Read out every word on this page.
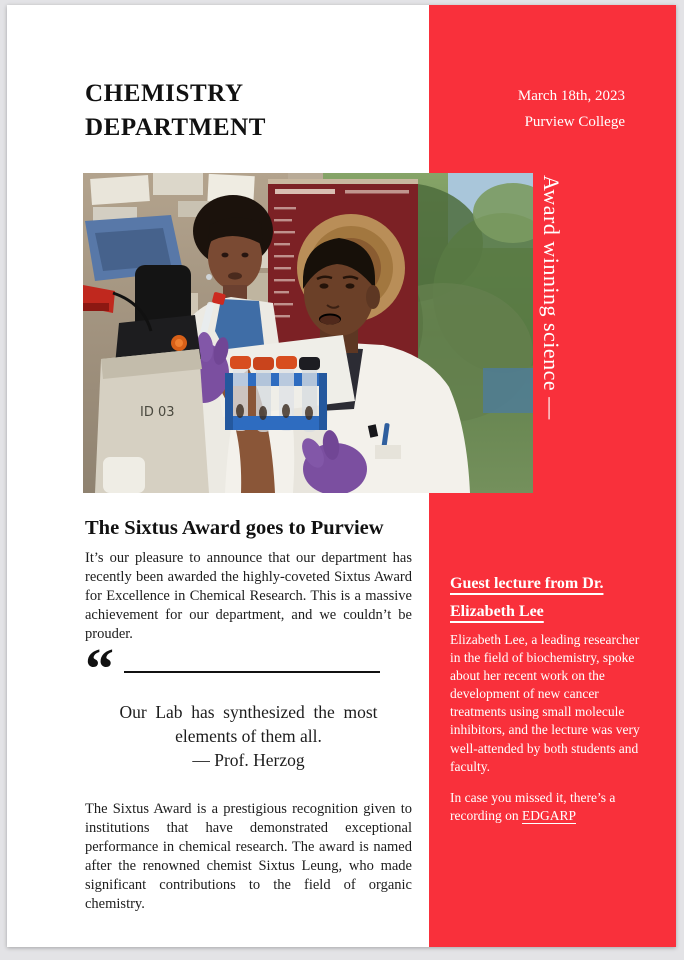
CHEMISTRY
DEPARTMENT
March 18th, 2023
Purview College
ID 03	Award winning science —
The Sixtus Award goes to Purview

It’s our pleasure to announce that our department has recently been awarded the highly-coveted Sixtus Award for Excellence in Chemical Research. This is a massive achievement for our department, and we couldn’t be prouder.

“
Our Lab has synthesized the most elements of them all.
— Prof. Herzog

The Sixtus Award is a prestigious recognition given to institutions that have demonstrated exceptional performance in chemical research. The award is named after the renowned chemist Sixtus Leung, who made significant contributions to the field of organic chemistry.

Guest lecture from Dr. Elizabeth Lee
Elizabeth Lee, a leading researcher in the field of biochemistry, spoke about her recent work on the development of new cancer treatments using small molecule inhibitors, and the lecture was very well-attended by both students and faculty.
In case you missed it, there’s a recording on EDGARP
